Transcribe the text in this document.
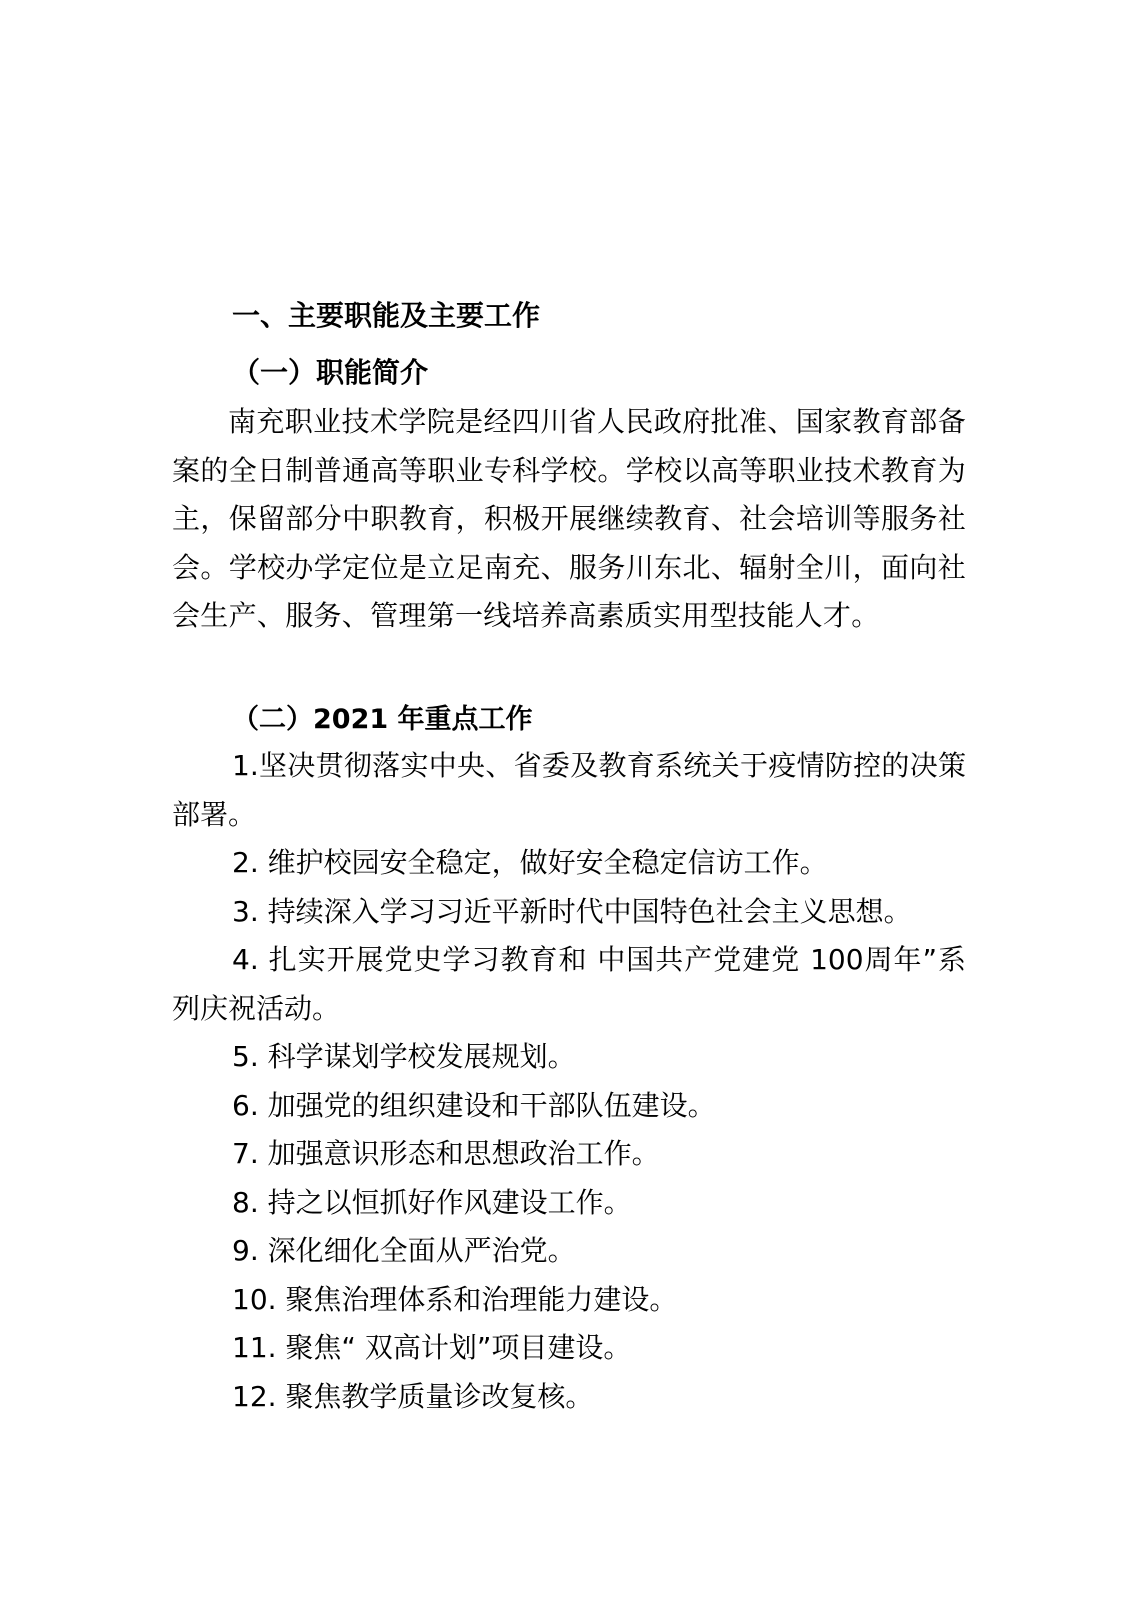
一、主要职能及主要工作
（一）职能简介
南充职业技术学院是经四川省人民政府批准、国家教育部备案的全日制普通高等职业专科学校。学校以高等职业技术教育为主，保留部分中职教育，积极开展继续教育、社会培训等服务社会。学校办学定位是立足南充、服务川东北、辐射全川，面向社会生产、服务、管理第一线培养高素质实用型技能人才。
（二）2021 年重点工作
1.坚决贯彻落实中央、省委及教育系统关于疫情防控的决策部署。
2. 维护校园安全稳定，做好安全稳定信访工作。
3. 持续深入学习习近平新时代中国特色社会主义思想。
4. 扎实开展党史学习教育和 中国共产党建党 100周年”系列庆祝活动。
5. 科学谋划学校发展规划。
6. 加强党的组织建设和干部队伍建设。
7. 加强意识形态和思想政治工作。
8. 持之以恒抓好作风建设工作。
9. 深化细化全面从严治党。
10. 聚焦治理体系和治理能力建设。
11. 聚焦“ 双高计划”项目建设。
12. 聚焦教学质量诊改复核。
